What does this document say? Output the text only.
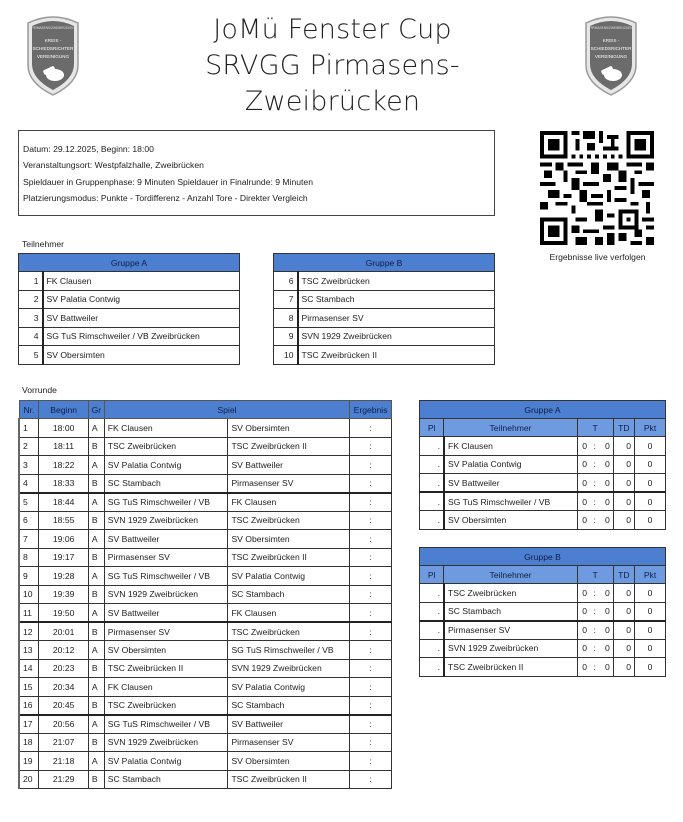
PIRMASENS/ZWEIBRÜCKEN
KREIS -
SCHIEDSRICHTER
VEREINIGUNG
PIRMASENS/ZWEIBRÜCKEN
KREIS -
SCHIEDSRICHTER
VEREINIGUNG
JoMü Fenster Cup
SRVGG Pirmasens-
Zweibrücken
Datum: 29.12.2025, Beginn: 18:00
Veranstaltungsort: Westpfalzhalle, Zweibrücken
Spieldauer in Gruppenphase: 9 Minuten Spieldauer in Finalrunde: 9 Minuten
Platzierungsmodus: Punkte - Tordifferenz - Anzahl Tore - Direkter Vergleich
Ergebnisse live verfolgen
Teilnehmer
Gruppe A	
1	FK Clausen
2	SV Palatia Contwig
3	SV Battweiler
4	SG TuS Rimschweiler / VB Zweibrücken
5	SV Obersimten
Gruppe B	
6	TSC Zweibrücken
7	SC Stambach
8	Pirmasenser SV
9	SVN 1929 Zweibrücken
10	TSC Zweibrücken II
Vorrunde
Nr.	Beginn	Gr	Spiel		Ergebnis
1	18:00	A	FK Clausen	SV Obersimten	:
2	18:11	B	TSC Zweibrücken	TSC Zweibrücken II	:
3	18:22	A	SV Palatia Contwig	SV Battweiler	:
4	18:33	B	SC Stambach	Pirmasenser SV	:
5	18:44	A	SG TuS Rimschweiler / VB	FK Clausen	:
6	18:55	B	SVN 1929 Zweibrücken	TSC Zweibrücken	:
7	19:06	A	SV Battweiler	SV Obersimten	:
8	19:17	B	Pirmasenser SV	TSC Zweibrücken II	:
9	19:28	A	SG TuS Rimschweiler / VB	SV Palatia Contwig	:
10	19:39	B	SVN 1929 Zweibrücken	SC Stambach	:
11	19:50	A	SV Battweiler	FK Clausen	:
12	20:01	B	Pirmasenser SV	TSC Zweibrücken	:
13	20:12	A	SV Obersimten	SG TuS Rimschweiler / VB	:
14	20:23	B	TSC Zweibrücken II	SVN 1929 Zweibrücken	:
15	20:34	A	FK Clausen	SV Palatia Contwig	:
16	20:45	B	TSC Zweibrücken	SC Stambach	:
17	20:56	A	SG TuS Rimschweiler / VB	SV Battweiler	:
18	21:07	B	SVN 1929 Zweibrücken	Pirmasenser SV	:
19	21:18	A	SV Palatia Contwig	SV Obersimten	:
20	21:29	B	SC Stambach	TSC Zweibrücken II	:
Gruppe A						
Pl	Teilnehmer	T			TD	Pkt
.	FK Clausen	0	:	0	0	0
.	SV Palatia Contwig	0	:	0	0	0
.	SV Battweiler	0	:	0	0	0
.	SG TuS Rimschweiler / VB	0	:	0	0	0
.	SV Obersimten	0	:	0	0	0
Gruppe B						
Pl	Teilnehmer	T			TD	Pkt
.	TSC Zweibrücken	0	:	0	0	0
.	SC Stambach	0	:	0	0	0
.	Pirmasenser SV	0	:	0	0	0
.	SVN 1929 Zweibrücken	0	:	0	0	0
.	TSC Zweibrücken II	0	:	0	0	0
